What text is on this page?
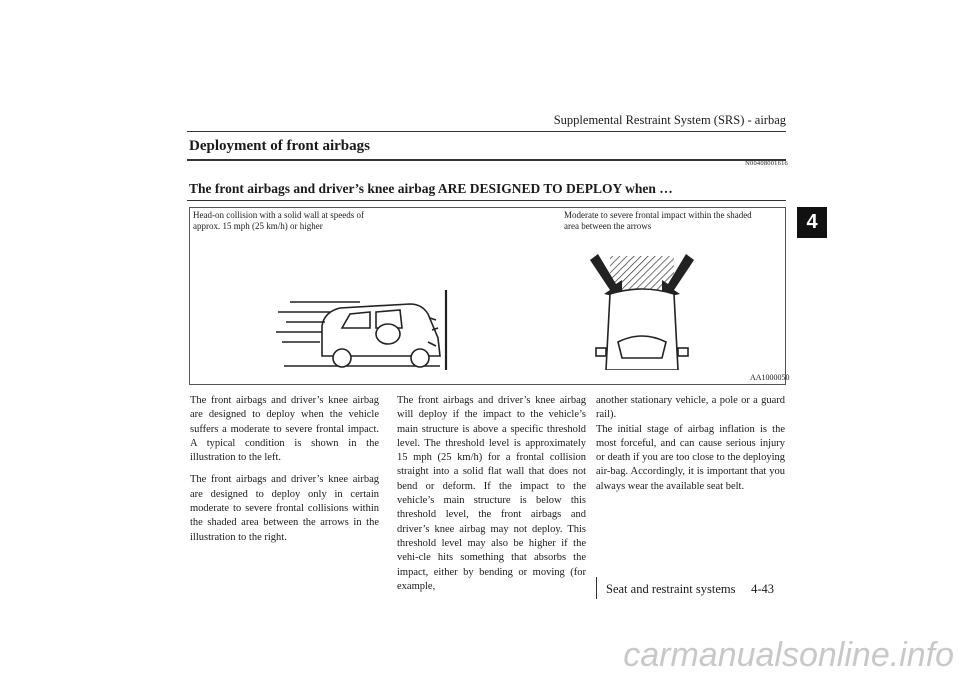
Supplemental Restraint System (SRS) - airbag
Deployment of front airbags
N00408001616
The front airbags and driver’s knee airbag ARE DESIGNED TO DEPLOY when …
Head-on collision with a solid wall at speeds of approx. 15 mph (25 km/h) or higher
Moderate to severe frontal impact within the shaded area between the arrows
AA1000050
4

The front airbags and driver’s knee airbag are designed to deploy when the vehicle suffers a moderate to severe frontal impact. A typical condition is shown in the illustration to the left.

The front airbags and driver’s knee airbag are designed to deploy only in certain moderate to severe frontal collisions within the shaded area between the arrows in the illustration to the right.

The front airbags and driver’s knee airbag will deploy if the impact to the vehicle’s main structure is above a specific threshold level. The threshold level is approximately 15 mph (25 km/h) for a frontal collision straight into a solid flat wall that does not bend or deform. If the impact to the vehicle’s main structure is below this threshold level, the front airbags and driver’s knee airbag may not deploy. This threshold level may also be higher if the vehi-cle hits something that absorbs the impact, either by bending or moving (for example,

another stationary vehicle, a pole or a guard rail).
The initial stage of airbag inflation is the most forceful, and can cause serious injury or death if you are too close to the deploying air-bag. Accordingly, it is important that you always wear the available seat belt.

Seat and restraint systems 4-43
carmanualsonline.info
